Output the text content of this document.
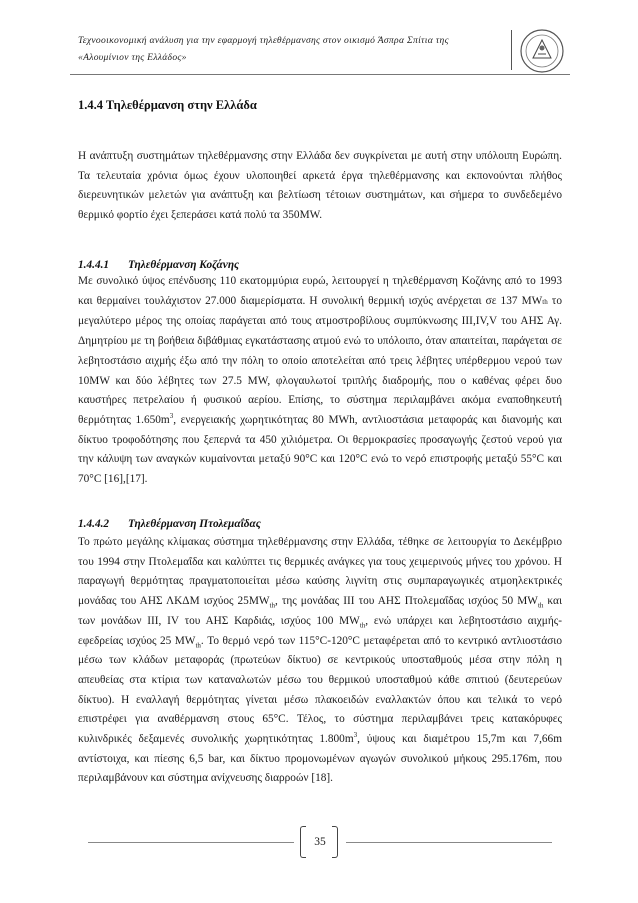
Τεχνοοικονομική ανάλυση για την εφαρμογή τηλεθέρμανσης στον οικισμό Άσπρα Σπίτια της
«Αλουμίνιον της Ελλάδος»
1.4.4 Τηλεθέρμανση στην Ελλάδα
Η ανάπτυξη συστημάτων τηλεθέρμανσης στην Ελλάδα δεν συγκρίνεται με αυτή στην υπόλοιπη Ευρώπη. Τα τελευταία χρόνια όμως έχουν υλοποιηθεί αρκετά έργα τηλεθέρμανσης και εκπονούνται πλήθος διερευνητικών μελετών για ανάπτυξη και βελτίωση τέτοιων συστημάτων, και σήμερα το συνδεδεμένο θερμικό φορτίο έχει ξεπεράσει κατά πολύ τα 350MW.
1.4.4.1 Τηλεθέρμανση Κοζάνης
Με συνολικό ύψος επένδυσης 110 εκατομμύρια ευρώ, λειτουργεί η τηλεθέρμανση Κοζάνης από το 1993 και θερμαίνει τουλάχιστον 27.000 διαμερίσματα. Η συνολική θερμική ισχύς ανέρχεται σε 137 MWth το μεγαλύτερο μέρος της οποίας παράγεται από τους ατμοστροβίλους συμπύκνωσης III,IV,V του ΑΗΣ Αγ. Δημητρίου με τη βοήθεια διβάθμιας εγκατάστασης ατμού ενώ το υπόλοιπο, όταν απαιτείται, παράγεται σε λεβητοστάσιο αιχμής έξω από την πόλη το οποίο αποτελείται από τρεις λέβητες υπέρθερμου νερού των 10MW και δύο λέβητες των 27.5 MW, φλογαυλωτοί τριπλής διαδρομής, που ο καθένας φέρει δυο καυστήρες πετρελαίου ή φυσικού αερίου. Επίσης, το σύστημα περιλαμβάνει ακόμα εναποθηκευτή θερμότητας $1.650m^3$, ενεργειακής χωρητικότητας 80 MWh, αντλιοστάσια μεταφοράς και διανομής και δίκτυο τροφοδότησης που ξεπερνά τα 450 χιλιόμετρα. Οι θερμοκρασίες προσαγωγής ζεστού νερού για την κάλυψη των αναγκών κυμαίνονται μεταξύ 90°C και 120°C ενώ το νερό επιστροφής μεταξύ 55°C και 70°C [16],[17].
1.4.4.2 Τηλεθέρμανση Πτολεμαΐδας
Το πρώτο μεγάλης κλίμακας σύστημα τηλεθέρμανσης στην Ελλάδα, τέθηκε σε λειτουργία το Δεκέμβριο του 1994 στην Πτολεμαΐδα και καλύπτει τις θερμικές ανάγκες για τους χειμερινούς μήνες του χρόνου. Η παραγωγή θερμότητας πραγματοποιείται μέσω καύσης λιγνίτη στις συμπαραγωγικές ατμοηλεκτρικές μονάδας του ΑΗΣ ΛΚΔΜ ισχύος $25MW_{th}$, της μονάδας III του ΑΗΣ Πτολεμαΐδας ισχύος 50 $MW_{th}$ και των μονάδων III, IV του ΑΗΣ Καρδιάς, ισχύος 100 $MW_{th}$, ενώ υπάρχει και λεβητοστάσιο αιχμής-εφεδρείας ισχύος 25 $MW_{th}$. Το θερμό νερό των 115°C-120°C μεταφέρεται από το κεντρικό αντλιοστάσιο μέσω των κλάδων μεταφοράς (πρωτεύων δίκτυο) σε κεντρικούς υποσταθμούς μέσα στην πόλη η απευθείας στα κτίρια των καταναλωτών μέσω του θερμικού υποσταθμού κάθε σπιτιού (δευτερεύων δίκτυο). Η εναλλαγή θερμότητας γίνεται μέσω πλακοειδών εναλλακτών όπου και τελικά το νερό επιστρέφει για αναθέρμανση στους 65°C. Τέλος, το σύστημα περιλαμβάνει τρεις κατακόρυφες κυλινδρικές δεξαμενές συνολικής χωρητικότητας $1.800m^3$, ύψους και διαμέτρου 15,7m και 7,66m αντίστοιχα, και πίεσης 6,5 bar, και δίκτυο προμονωμένων αγωγών συνολικού μήκους 295.176m, που περιλαμβάνουν και σύστημα ανίχνευσης διαρροών [18].
35
